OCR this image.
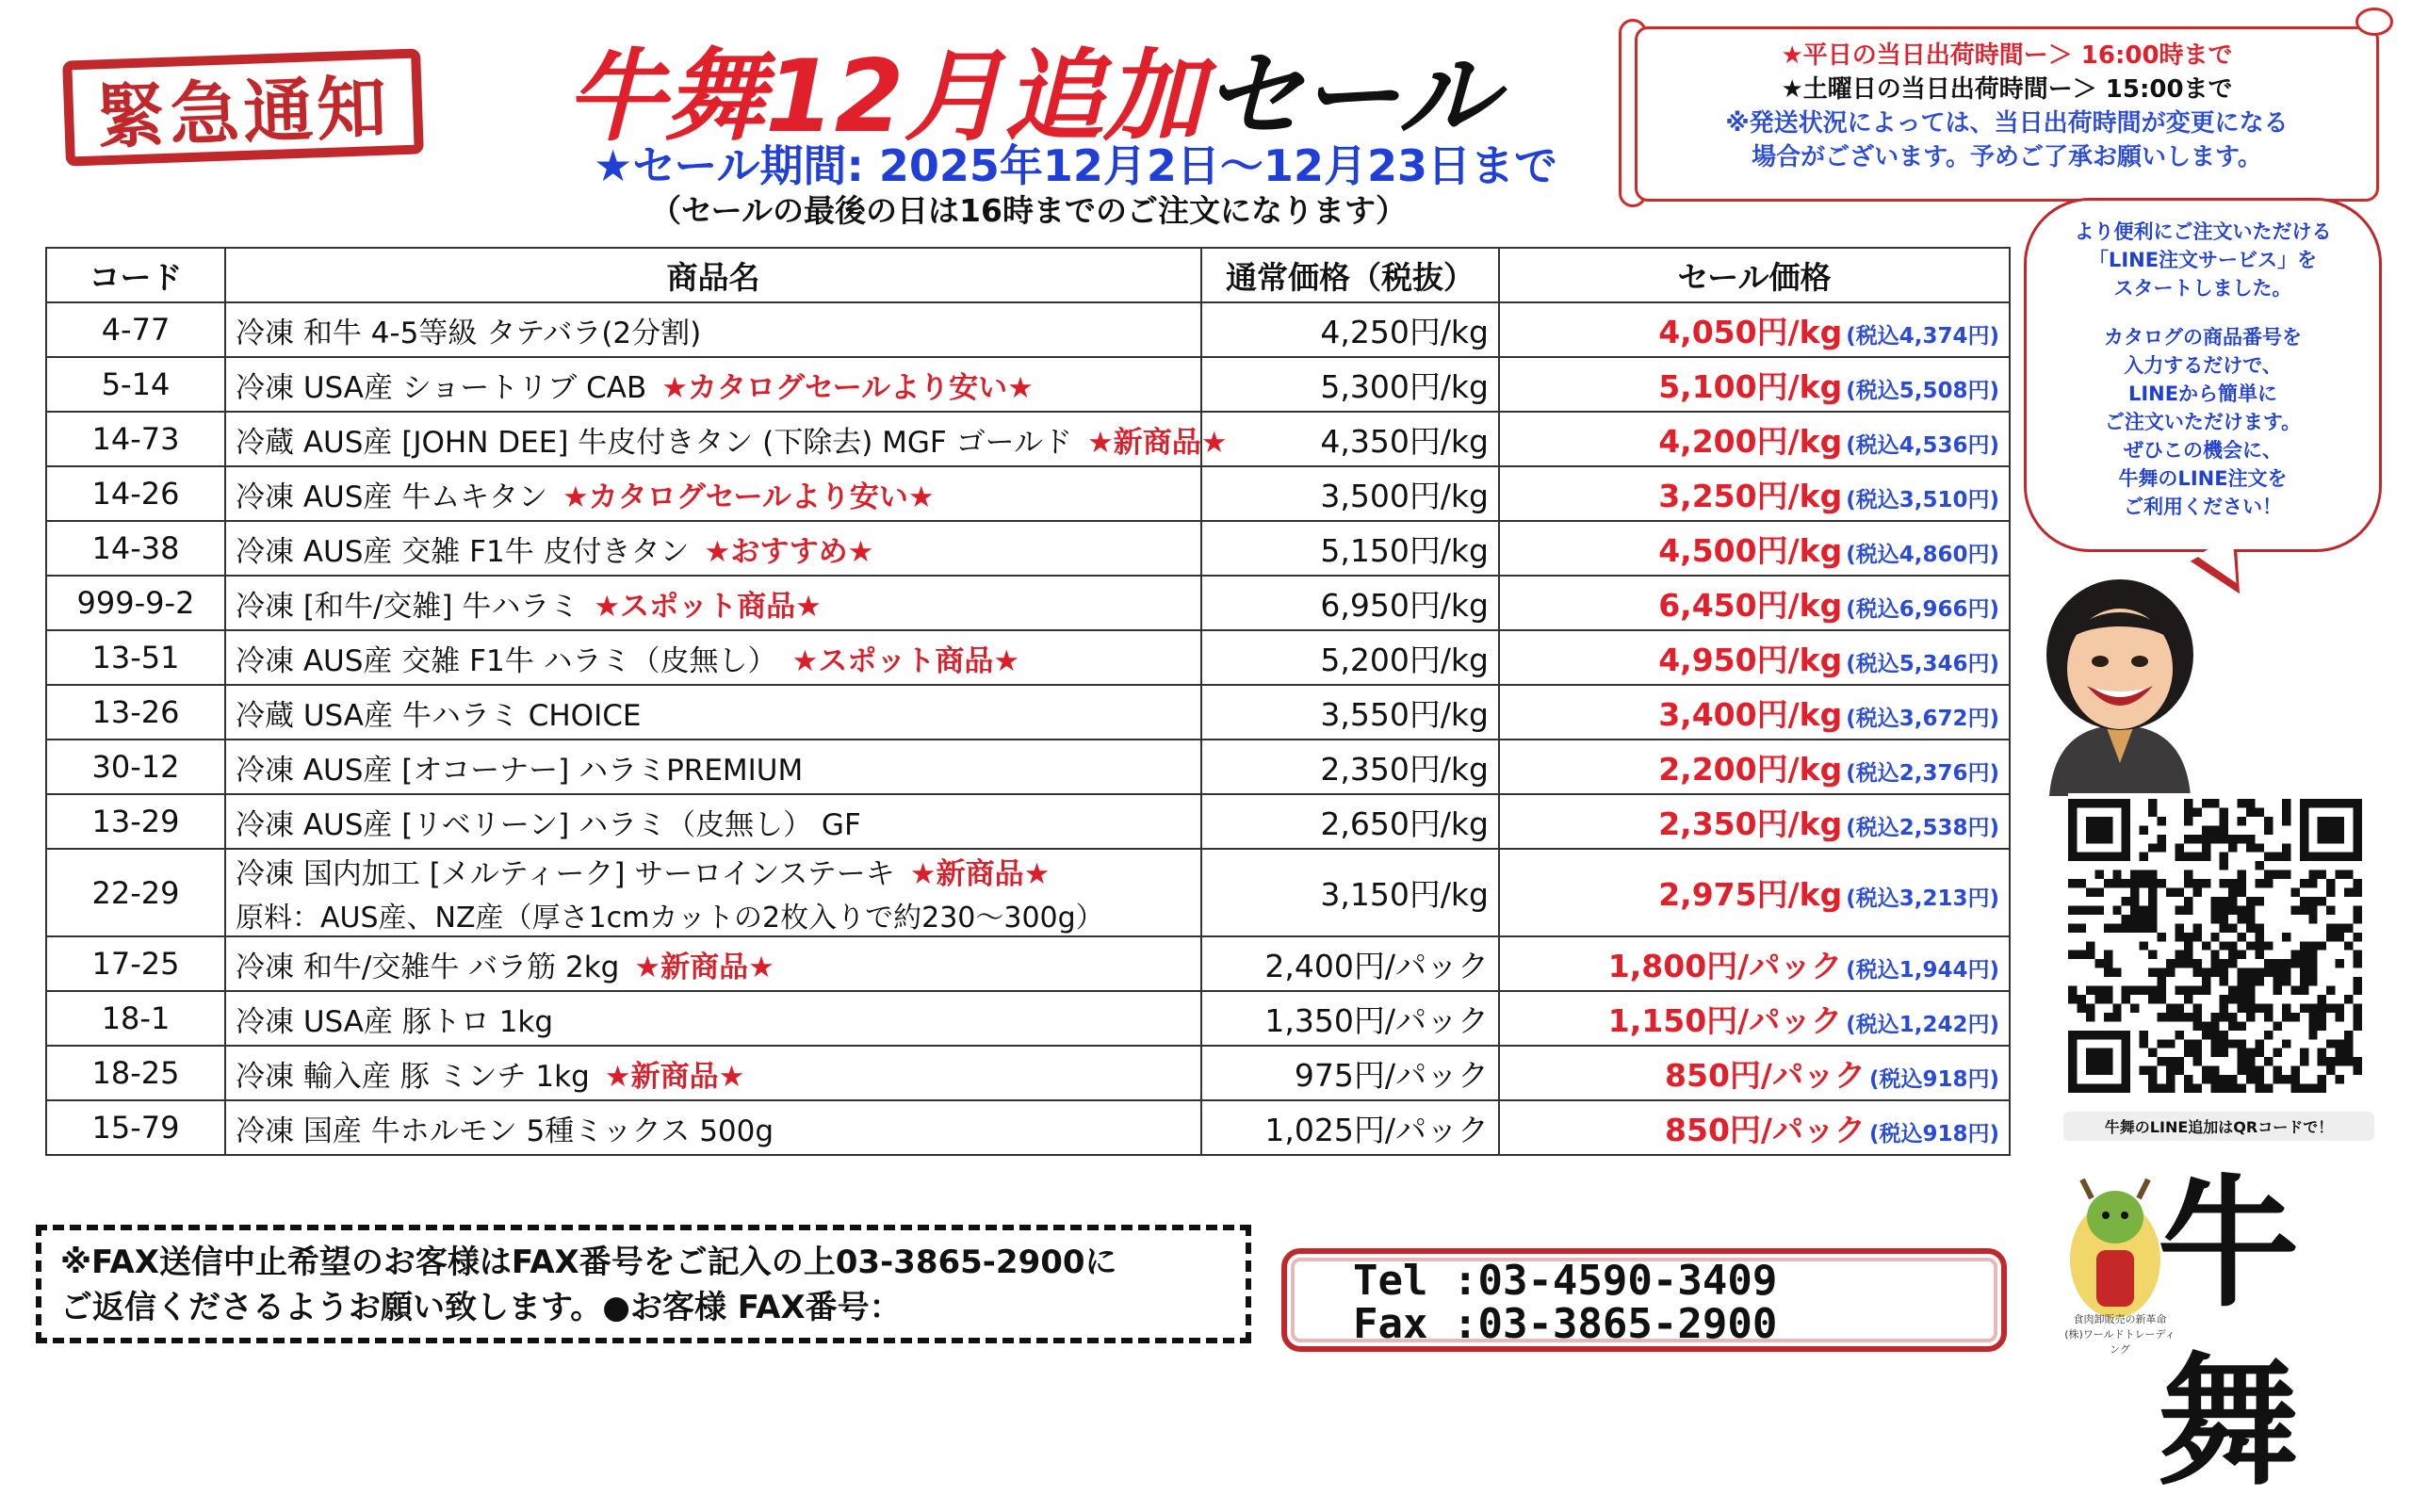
緊急通知	牛舞12月追加セール
★セール期間: 2025年12月2日～12月23日まで
（セールの最後の日は16時までのご注文になります）
★平日の当日出荷時間ー＞ 16:00時まで
★土曜日の当日出荷時間ー＞ 15:00まで
※発送状況によっては、当日出荷時間が変更になる
場合がございます。予めご了承お願いします。
コード	商品名	通常価格（税抜）	セール価格
4-77	冷凍 和牛 4-5等級 タテバラ(2分割)	4,250円/kg	4,050円/kg (税込4,374円)
5-14	冷凍 USA産 ショートリブ CAB ★カタログセールより安い★	5,300円/kg	5,100円/kg (税込5,508円)
14-73	冷蔵 AUS産 [JOHN DEE] 牛皮付きタン (下除去) MGF ゴールド ★新商品★	4,350円/kg	4,200円/kg (税込4,536円)
14-26	冷凍 AUS産 牛ムキタン ★カタログセールより安い★	3,500円/kg	3,250円/kg (税込3,510円)
14-38	冷凍 AUS産 交雑 F1牛 皮付きタン ★おすすめ★	5,150円/kg	4,500円/kg (税込4,860円)
999-9-2	冷凍 [和牛/交雑] 牛ハラミ ★スポット商品★	6,950円/kg	6,450円/kg (税込6,966円)
13-51	冷凍 AUS産 交雑 F1牛 ハラミ（皮無し） ★スポット商品★	5,200円/kg	4,950円/kg (税込5,346円)
13-26	冷蔵 USA産 牛ハラミ CHOICE	3,550円/kg	3,400円/kg (税込3,672円)
30-12	冷凍 AUS産 [オコーナー] ハラミPREMIUM	2,350円/kg	2,200円/kg (税込2,376円)
13-29	冷凍 AUS産 [リベリーン] ハラミ（皮無し） GF	2,650円/kg	2,350円/kg (税込2,538円)
22-29	冷凍 国内加工 [メルティーク] サーロインステーキ ★新商品★
原料：AUS産、NZ産（厚さ1cmカットの2枚入りで約230～300g）	3,150円/kg	2,975円/kg (税込3,213円)
17-25	冷凍 和牛/交雑牛 バラ筋 2kg ★新商品★	2,400円/パック	1,800円/パック (税込1,944円)
18-1	冷凍 USA産 豚トロ 1kg	1,350円/パック	1,150円/パック (税込1,242円)
18-25	冷凍 輸入産 豚 ミンチ 1kg ★新商品★	975円/パック	850円/パック (税込918円)
15-79	冷凍 国産 牛ホルモン 5種ミックス 500g	1,025円/パック	850円/パック (税込918円)
より便利にご注文いただける
「LINE注文サービス」を
スタートしました。
カタログの商品番号を
入力するだけで、
LINEから簡単に
ご注文いただけます。
ぜひこの機会に、
牛舞のLINE注文を
ご利用ください！
牛舞のLINE追加はQRコードで！
※FAX送信中止希望のお客様はFAX番号をご記入の上03-3865-2900に
ご返信くださるようお願い致します。●お客様 FAX番号：
Tel :03-4590-3409
Fax :03-3865-2900	牛舞
食肉卸販売の新革命
(株)ワールドトレーディング
